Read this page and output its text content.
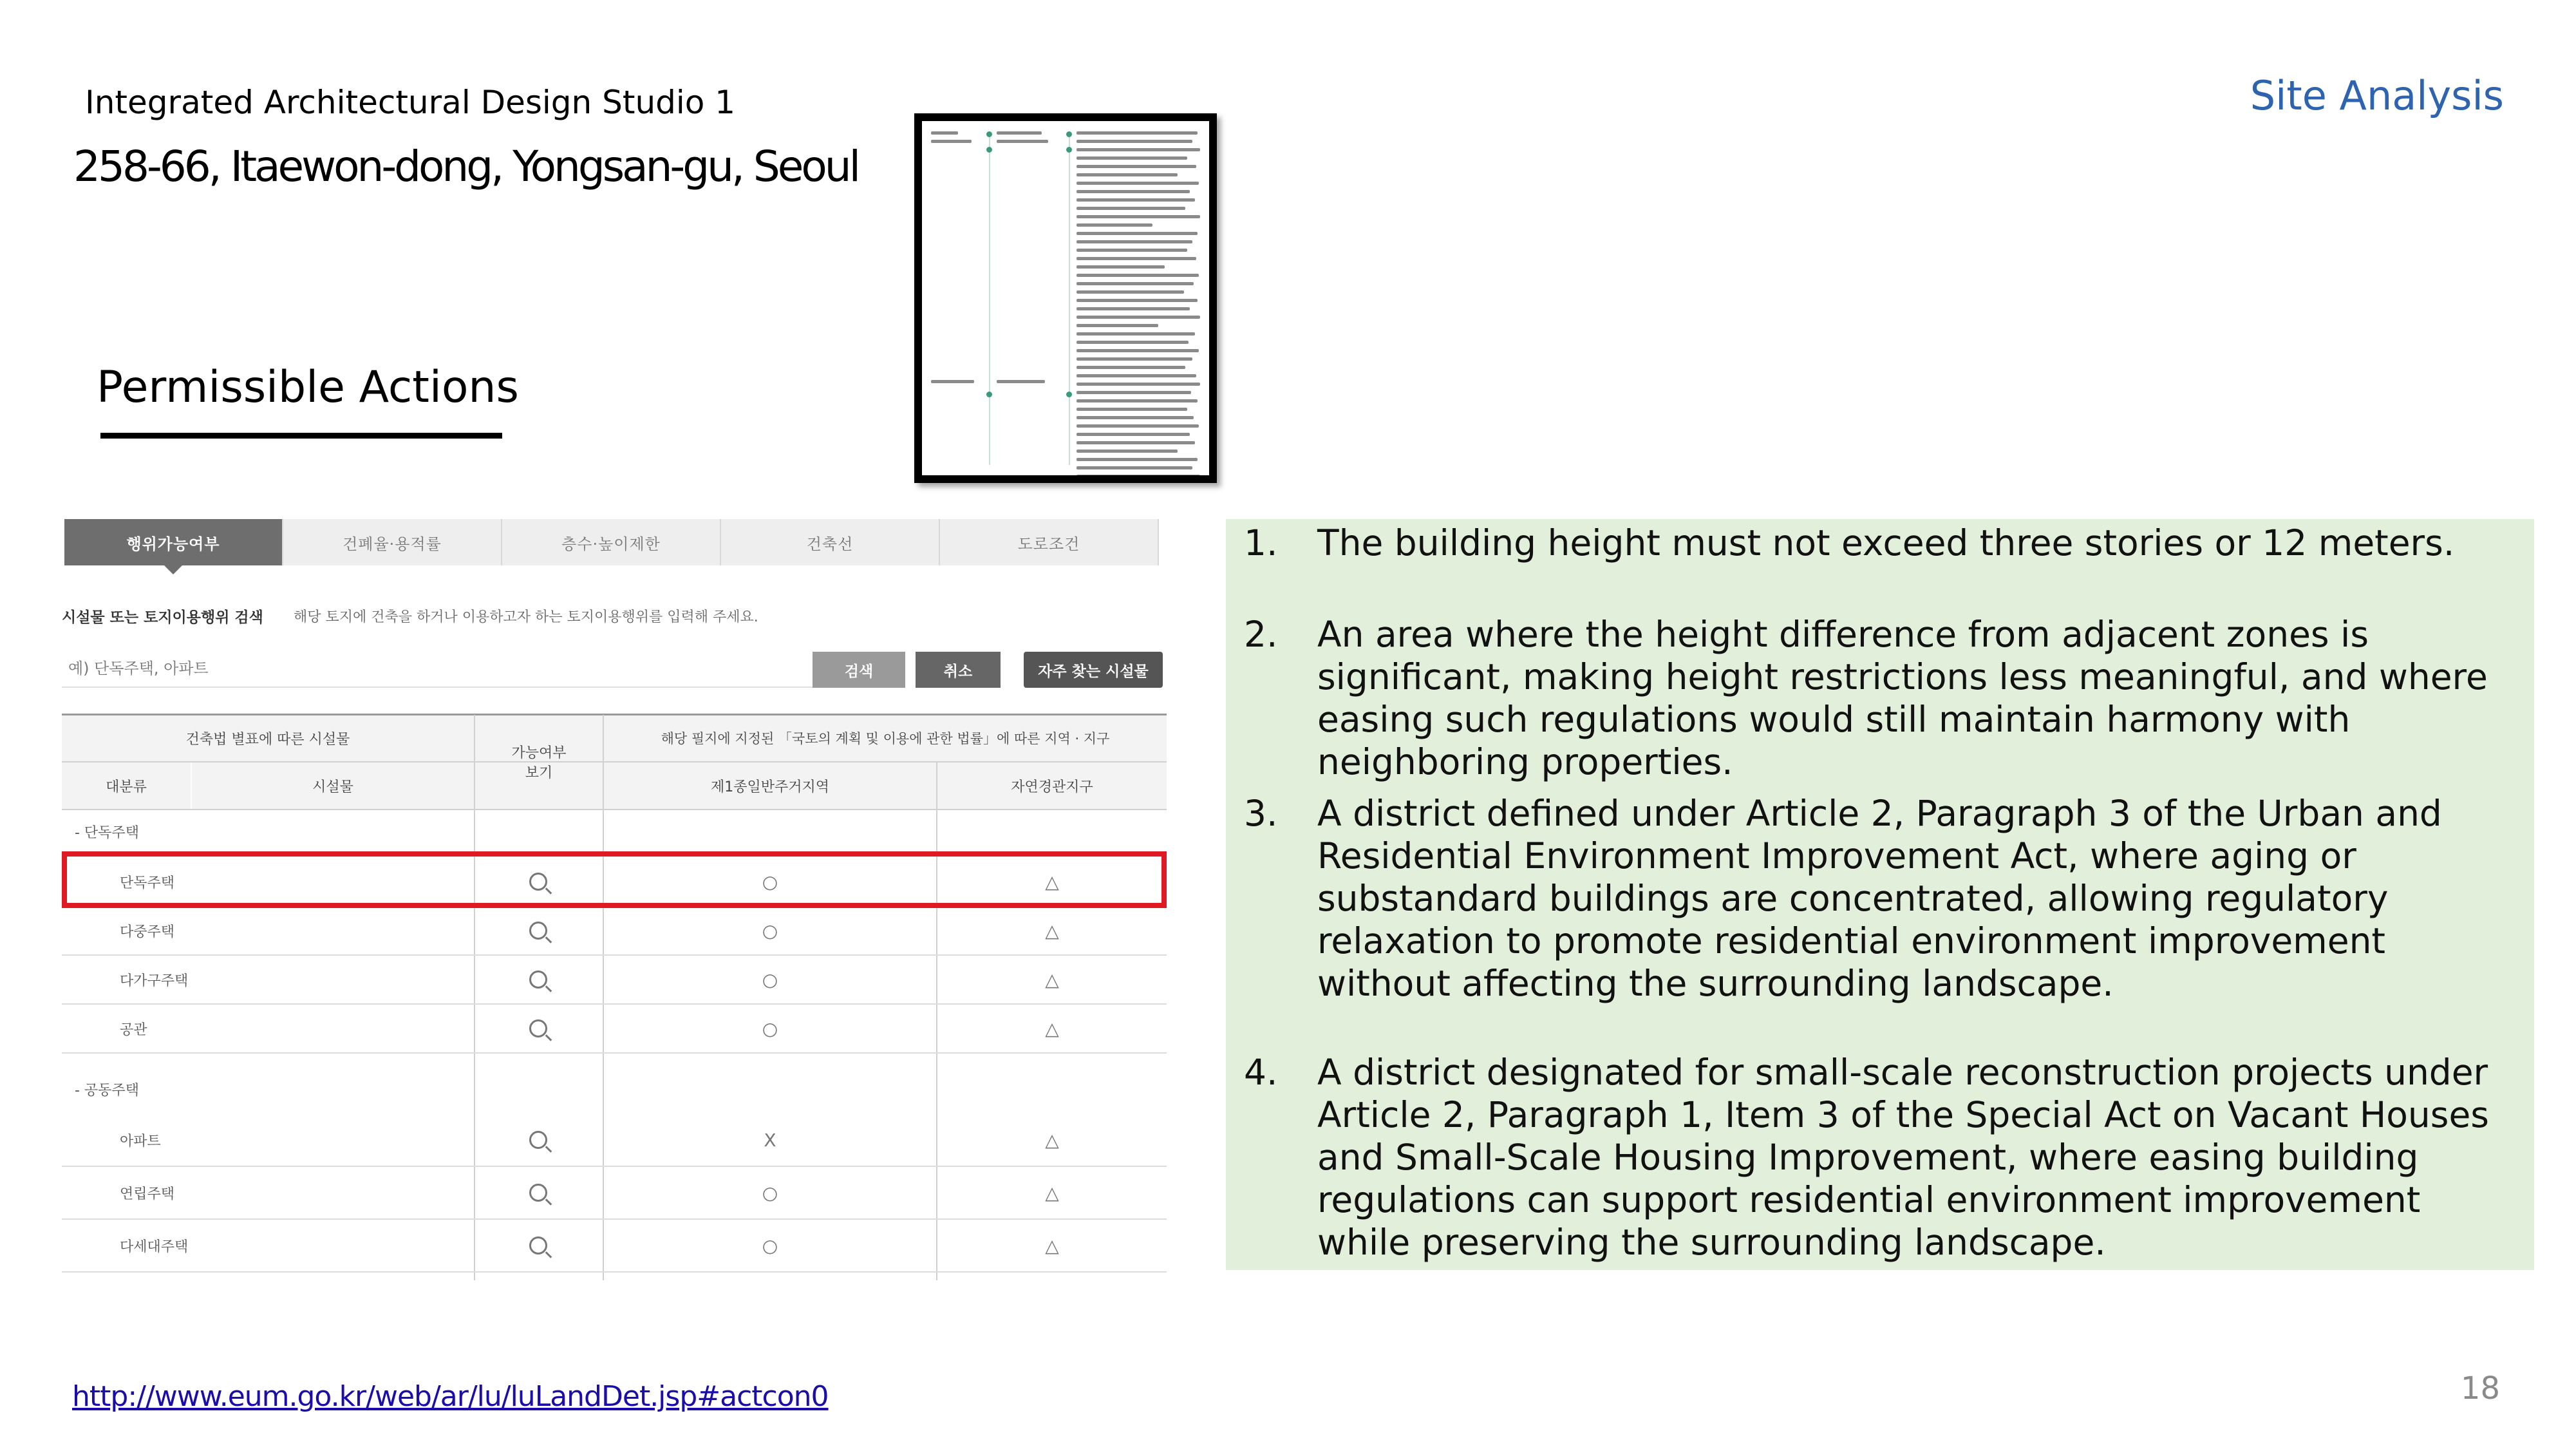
Integrated Architectural Design Studio 1
258-66, Itaewon-dong, Yongsan-gu, Seoul
Site Analysis
Permissible Actions
행위가능여부	건폐율·용적률	층수·높이제한	건축선	도로조건
시설물 또는 토지이용행위 검색 해당 토지에 건축을 하거나 이용하고자 하는 토지이용행위를 입력해 주세요.
예) 단독주택, 아파트
검색	취소	자주 찾는 시설물
건축법 별표에 따른 시설물
대분류	시설물
가능여부 보기
해당 필지에 지정된 「국토의 계획 및 이용에 관한 법률」에 따른 지역 · 지구
제1종일반주거지역	자연경관지구
- 단독주택
단독주택	○	△
다중주택	○	△
다가구주택	○	△
공관	○	△
- 공동주택
아파트	X	△
연립주택	○	△
다세대주택	○	△
1. The building height must not exceed three stories or 12 meters.
2. An area where the height difference from adjacent zones is significant, making height restrictions less meaningful, and where easing such regulations would still maintain harmony with neighboring properties.
3. A district defined under Article 2, Paragraph 3 of the Urban and Residential Environment Improvement Act, where aging or substandard buildings are concentrated, allowing regulatory relaxation to promote residential environment improvement without affecting the surrounding landscape.
4. A district designated for small-scale reconstruction projects under Article 2, Paragraph 1, Item 3 of the Special Act on Vacant Houses and Small-Scale Housing Improvement, where easing building regulations can support residential environment improvement while preserving the surrounding landscape.
http://www.eum.go.kr/web/ar/lu/luLandDet.jsp#actcon0	18
